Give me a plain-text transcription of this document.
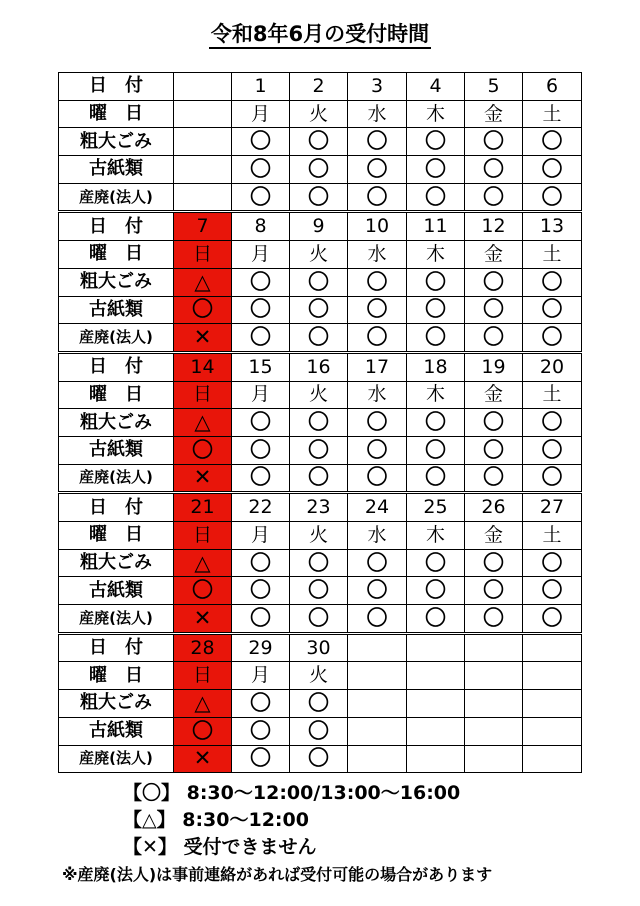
令和8年6月の受付時間
日　付		1	2	3	4	5	6
曜　日		月	火	水	木	金	土
粗大ごみ		〇	〇	〇	〇	〇	〇
古紙類		〇	〇	〇	〇	〇	〇
産廃(法人)		〇	〇	〇	〇	〇	〇
日　付	7	8	9	10	11	12	13
曜　日	日	月	火	水	木	金	土
粗大ごみ	△	〇	〇	〇	〇	〇	〇
古紙類	〇	〇	〇	〇	〇	〇	〇
産廃(法人)	✕	〇	〇	〇	〇	〇	〇
日　付	14	15	16	17	18	19	20
曜　日	日	月	火	水	木	金	土
粗大ごみ	△	〇	〇	〇	〇	〇	〇
古紙類	〇	〇	〇	〇	〇	〇	〇
産廃(法人)	✕	〇	〇	〇	〇	〇	〇
日　付	21	22	23	24	25	26	27
曜　日	日	月	火	水	木	金	土
粗大ごみ	△	〇	〇	〇	〇	〇	〇
古紙類	〇	〇	〇	〇	〇	〇	〇
産廃(法人)	✕	〇	〇	〇	〇	〇	〇
日　付	28	29	30				
曜　日	日	月	火				
粗大ごみ	△	〇	〇				
古紙類	〇	〇	〇				
産廃(法人)	✕	〇	〇				
【〇】 8:30〜12:00/13:00〜16:00
【△】 8:30〜12:00
【✕】 受付できません
※産廃(法人)は事前連絡があれば受付可能の場合があります
